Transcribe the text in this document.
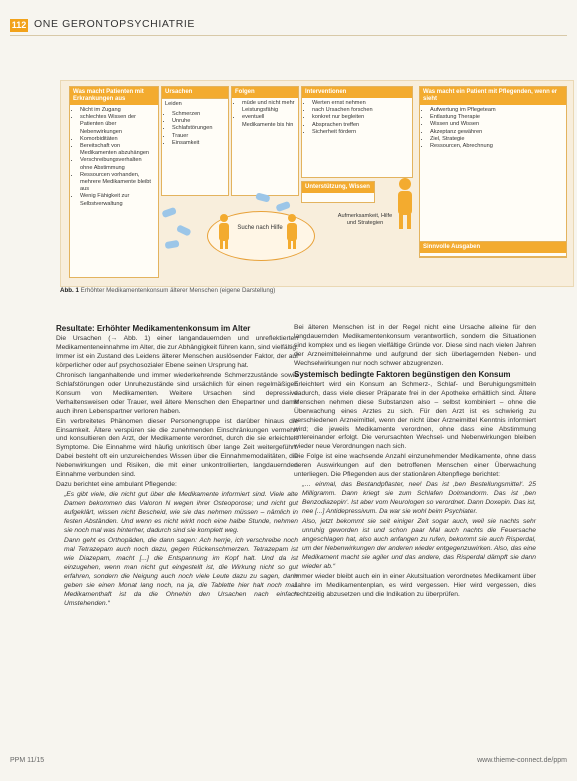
112 ONE GERONTOPSYCHIATRIE
Was macht Patienten mit Erkrankungen aus
• Nicht im Zugang
• schlechtes Wissen der Patienten über Nebenwirkungen
• Komorbiditäten
• Bereitschaft von Medikamenten abzuhängen
• Verschreibungsverhalten ohne Abstimmung
• Ressourcen vorhanden, mehrere Medikamente bleibt aus
• Wenig Fähigkeit zur Selbstverwaltung
Ursachen
Leiden
• Schmerzen
• Unruhe
• Schlafstörungen
• Trauer
• Einsamkeit
Folgen
• müde und nicht mehr Leistungsfähig
• eventuell Medikamente bis hin
Interventionen
• Werten ernst nehmen
• nach Ursachen forschen
• konkret nur begleiten
• Absprachen treffen
• Sicherheit fördern
Was macht ein Patient mit Pflegenden, wenn er sieht
• Aufwertung im Pflegeteam
• Entlastung Therapie
• Wissen und Wissen
• Akzeptanz gewähren
• Ziel, Strategie
• Ressourcen, Abrechnung
Unterstützung, Wissen
Sinnvolle Ausgaben
Suche nach Hilfe
Aufmerksamkeit, Hilfe und Strategien
Abb. 1 Erhöhter Medikamentenkonsum älterer Menschen (eigene Darstellung)
Resultate: Erhöhter Medikamentenkonsum im Alter

Die Ursachen (→ Abb. 1) einer langandauernden und unreflektierten Medikamenteneinnahme im Alter, die zur Abhängigkeit führen kann, sind vielfältig. Immer ist ein Zustand des Leidens älterer Menschen auslösender Faktor, der auf körperlicher oder auf psychosozialer Ebene seinen Ursprung hat.

Chronisch langanhaltende und immer wiederkehrende Schmerzzustände sowie Schlafstörungen oder Unruhezustände sind ursächlich für einen regelmäßigen Konsum von Medikamenten. Weitere Ursachen sind depressive Verhaltensweisen oder Trauer, weil ältere Menschen den Ehepartner und damit auch ihren Lebenspartner verloren haben.

Ein verbreitetes Phänomen dieser Personengruppe ist darüber hinaus die Einsamkeit. Ältere verspüren sie die zunehmenden Einschränkungen vermehrt und konsultieren den Arzt, der Medikamente verordnet, durch die sie erleichtert Symptome. Die Einnahme wird häufig unkritisch über lange Zeit weitergeführt. Dabei besteht oft ein unzureichendes Wissen über die Einnahmemodalitäten, die Nebenwirkungen und Risiken, die mit einer unkontrollierten, langdauernden Einnahme verbunden sind.

Dazu berichtet eine ambulant Pflegende:

„Es gibt viele, die nicht gut über die Medikamente informiert sind. Viele alte Damen bekommen das Valoron N wegen ihrer Osteoporose; und nicht gut aufgeklärt, wissen nicht Bescheid, wie sie das nehmen müssen – nämlich in festen Abständen. Und wenn es nicht wirkt noch eine halbe Stunde, nehmen sie noch mal was hinterher, dadurch sind sie komplett weg.

Dann geht es Orthopäden, die dann sagen: Ach herrje, ich verschreibe noch mal Tetrazepam auch noch dazu, gegen Rückenschmerzen. Tetrazepam ist wie Diazepam, macht [...] die Entspannung im Kopf halt. Und da ist einzugehen, wenn man nicht gut eingestellt ist, die Wirkung nicht so gut erfahren, sondern die Neigung auch noch viele Leute dazu zu sagen, dann geben sie einen Monat lang noch, na ja, die Tablette hier halt noch mal. Medikamenthaft ist da die Ohnehin den Ursachen nach einfach Umstehenden.“

Bei älteren Menschen ist in der Regel nicht eine Ursache alleine für den langdauernden Medikamentenkonsum verantwortlich, sondern die Situationen sind komplex und es liegen vielfältige Gründe vor. Diese sind nach vielen Jahren der Arzneimitteleinnahme und aufgrund der sich überlagernden Neben- und Wechselwirkungen nur noch schwer abzugrenzen.

Systemisch bedingte Faktoren begünstigen den Konsum

Erleichtert wird ein Konsum an Schmerz-, Schlaf- und Beruhigungsmitteln dadurch, dass viele dieser Präparate frei in der Apotheke erhältlich sind. Ältere Menschen nehmen diese Substanzen also – selbst kombiniert – ohne die Überwachung eines Arztes zu sich. Für den Arzt ist es schwierig zu verschiedenen Arzneimittel, wenn der nicht über Arzneimittel Kenntnis informiert wird; die jeweils Medikamente verordnen, ohne dass eine Abstimmung untereinander erfolgt. Die verursachten Wechsel- und Nebenwirkungen bleiben wieder neue Verordnungen nach sich.

Die Folge ist eine wachsende Anzahl einzunehmender Medikamente, ohne dass deren Auswirkungen auf den betroffenen Menschen einer Überwachung unterliegen. Die Pflegenden aus der stationären Altenpflege berichtet:

„… einmal, das Bestandpflaster, nee! Das ist ‚ben Bestellungsmittel‘. 25 Milligramm. Dann kriegt sie zum Schlafen Dolmandorm. Das ist ‚ben Benzodiazepin‘. Ist aber vom Neurologen so verordnet. Dann Doxepin. Das ist, nee [...] Antidepressivum. Da war sie wohl beim Psychiater.

Also, jetzt bekommt sie seit einiger Zeit sogar auch, weil sie nachts sehr unruhig geworden ist und schon paar Mal auch nachts die Feuersache angeschlagen hat, also auch anfangen zu rufen, bekommt sie auch Risperdal, um der Nebenwirkungen der anderen wieder entgegenzuwirken. Also, das eine Medikament macht sie agiler und das andere, das Risperdal dämpft sie dann wieder ab.“

Immer wieder bleibt auch ein in einer Akutsituation verordnetes Medikament über Jahre im Medikamentenplan, es wird vergessen. Hier wird vergessen, dies rechtzeitig abzusetzen und die Indikation zu überprüfen.

PPM 11/15	www.thieme-connect.de/ppm
